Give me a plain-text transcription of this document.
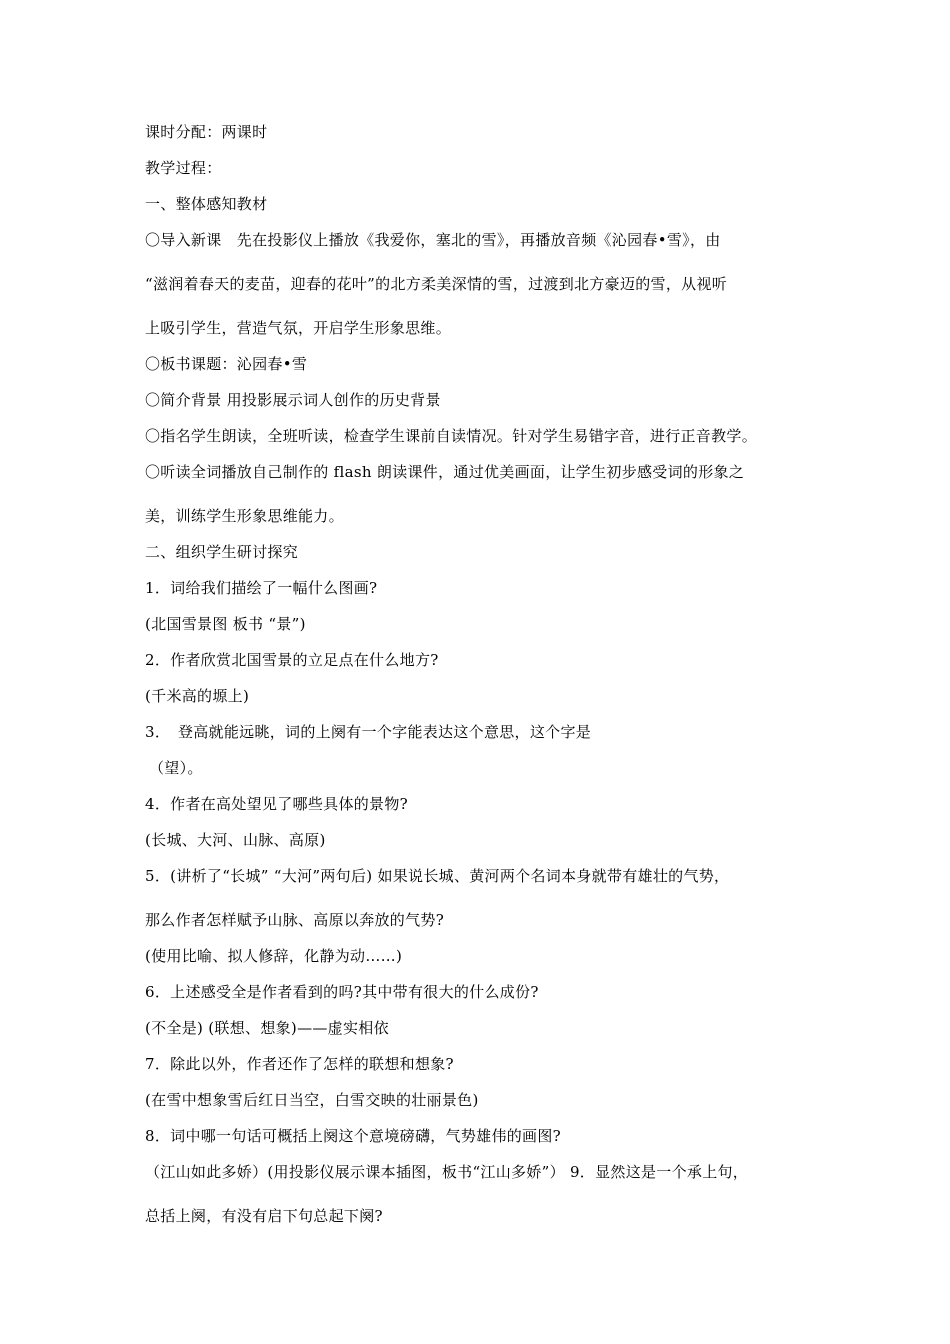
课时分配：两课时
教学过程：
一、整体感知教材
〇导入新课　先在投影仪上播放《我爱你，塞北的雪》，再播放音频《沁园春•雪》，由
“滋润着春天的麦苗，迎春的花叶”的北方柔美深情的雪，过渡到北方豪迈的雪，从视听
上吸引学生，营造气氛，开启学生形象思维。
〇板书课题：沁园春•雪
〇简介背景 用投影展示词人创作的历史背景
〇指名学生朗读，全班听读，检查学生课前自读情况。针对学生易错字音，进行正音教学。
〇听读全词播放自己制作的 flash 朗读课件，通过优美画面，让学生初步感受词的形象之
美，训练学生形象思维能力。
二、组织学生研讨探究
1．词给我们描绘了一幅什么图画?
(北国雪景图 板书 “景”)
2．作者欣赏北国雪景的立足点在什么地方?
(千米高的塬上)
3．　登高就能远眺，词的上阕有一个字能表达这个意思，这个字是
（望）。
4．作者在高处望见了哪些具体的景物?
(长城、大河、山脉、高原)
5．(讲析了“长城” “大河”两句后) 如果说长城、黄河两个名词本身就带有雄壮的气势，
那么作者怎样赋予山脉、高原以奔放的气势?
(使用比喻、拟人修辞，化静为动……)
6．上述感受全是作者看到的吗?其中带有很大的什么成份?
(不全是) (联想、想象)——虚实相依
7．除此以外，作者还作了怎样的联想和想象?
(在雪中想象雪后红日当空，白雪交映的壮丽景色)
8．词中哪一句话可概括上阕这个意境磅礴，气势雄伟的画图?
（江山如此多娇）(用投影仪展示课本插图，板书“江山多娇”） 9．显然这是一个承上句，
总括上阕，有没有启下句总起下阕?
